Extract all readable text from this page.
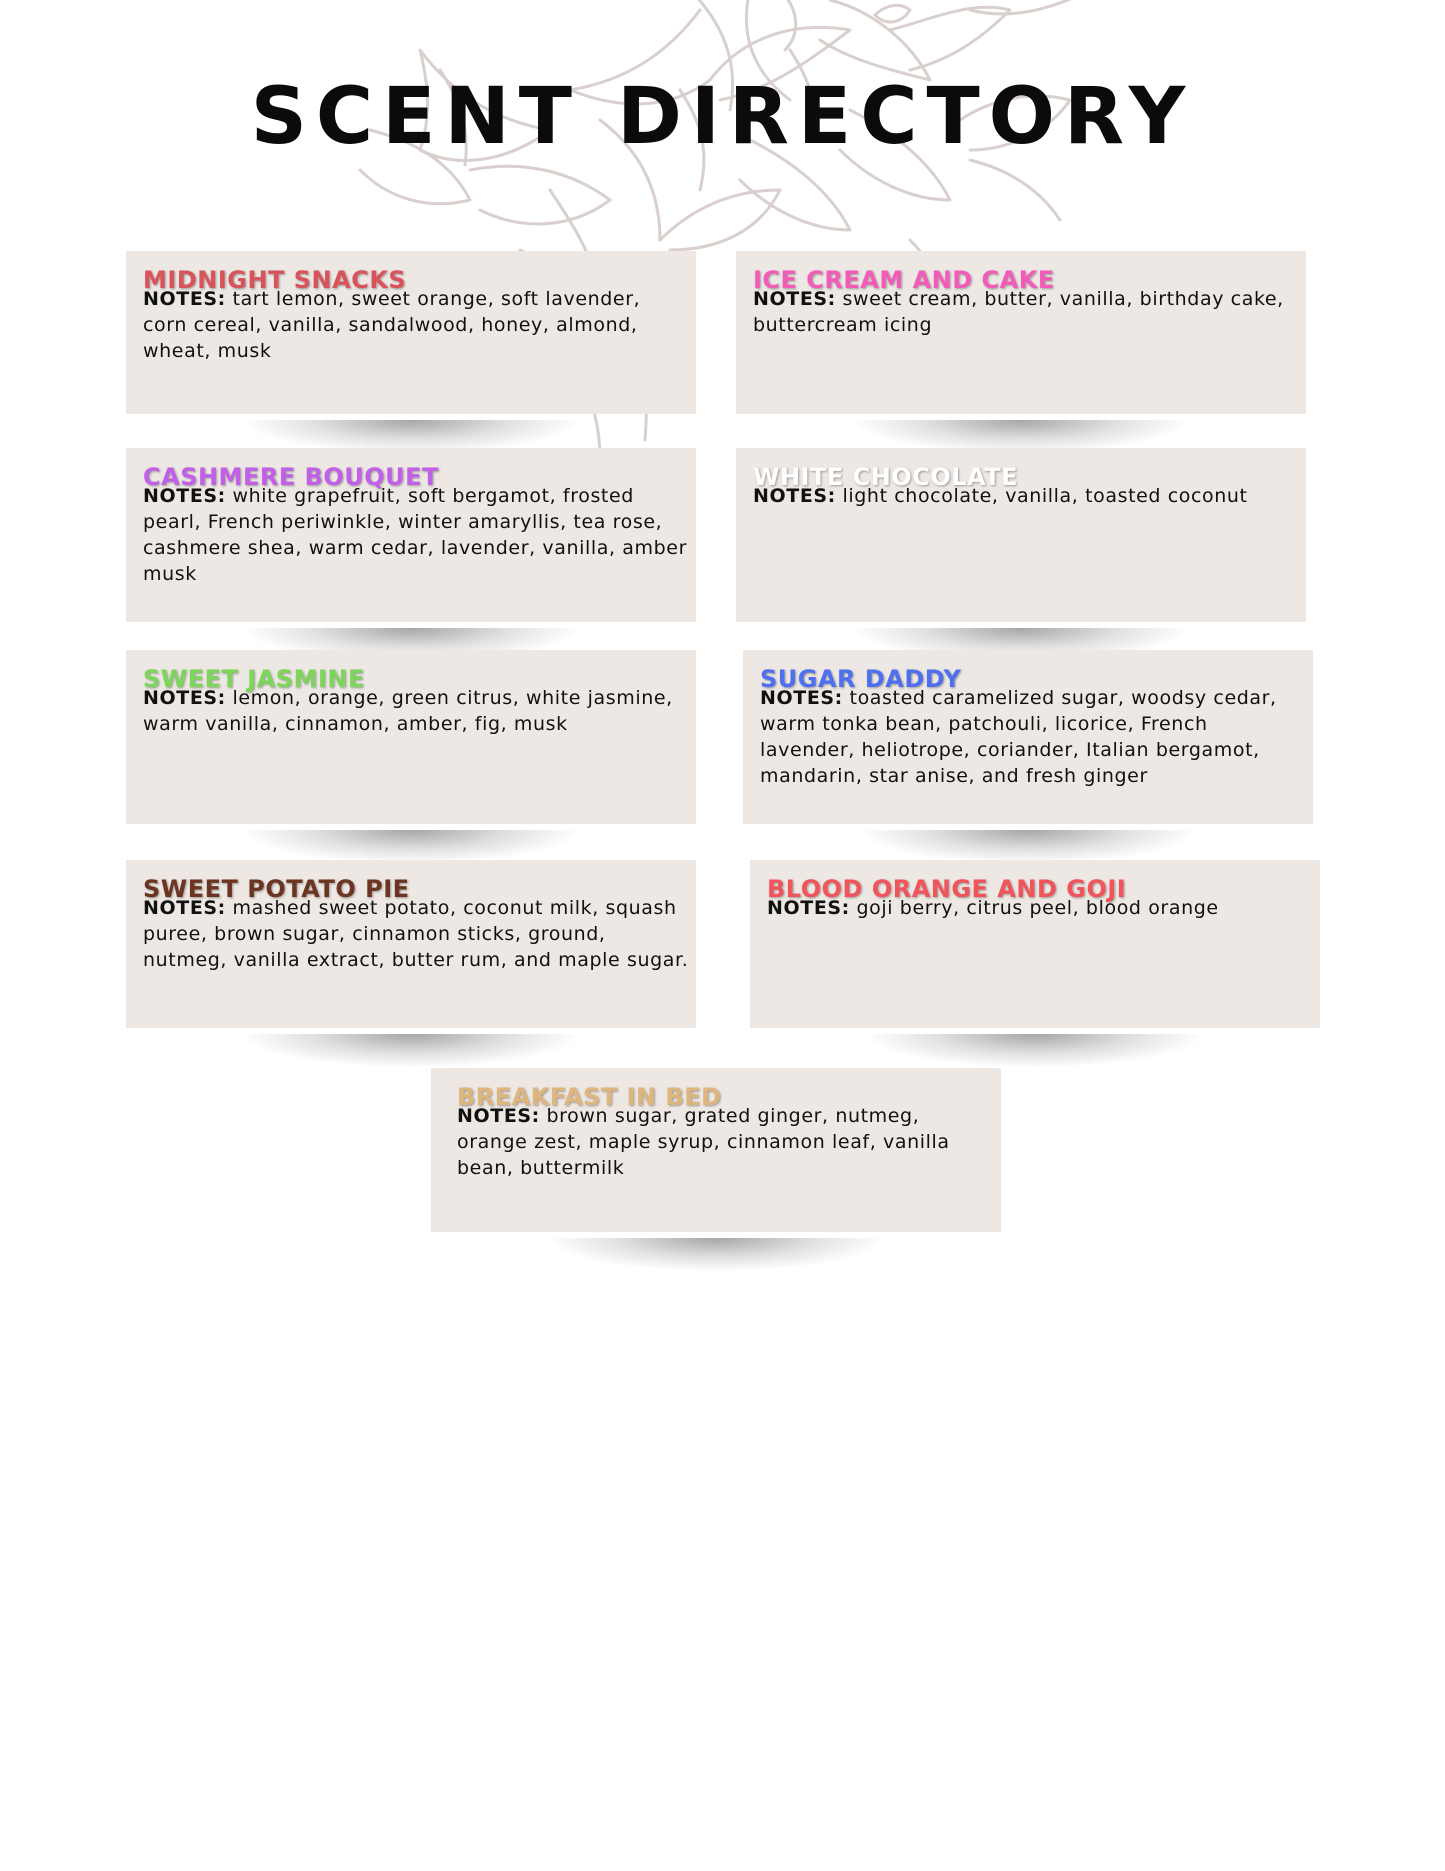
SCENT DIRECTORY
MIDNIGHT SNACKS

NOTES: tart lemon, sweet orange, soft lavender, corn cereal, vanilla, sandalwood, honey, almond, wheat, musk

ICE CREAM AND CAKE

NOTES: sweet cream, butter, vanilla, birthday cake, buttercream icing

CASHMERE BOUQUET

NOTES: white grapefruit, soft bergamot, frosted pearl, French periwinkle, winter amaryllis, tea rose, cashmere shea, warm cedar, lavender, vanilla, amber musk

WHITE CHOCOLATE

NOTES: light chocolate, vanilla, toasted coconut

SWEET JASMINE

NOTES: lemon, orange, green citrus, white jasmine, warm vanilla, cinnamon, amber, fig, musk

SUGAR DADDY

NOTES: toasted caramelized sugar, woodsy cedar, warm tonka bean, patchouli, licorice, French lavender, heliotrope, coriander, Italian bergamot, mandarin, star anise, and fresh ginger

SWEET POTATO PIE

NOTES: mashed sweet potato, coconut milk, squash puree, brown sugar, cinnamon sticks, ground, nutmeg, vanilla extract, butter rum, and maple sugar.

BLOOD ORANGE AND GOJI

NOTES: goji berry, citrus peel, blood orange

BREAKFAST IN BED

NOTES: brown sugar, grated ginger, nutmeg, orange zest, maple syrup, cinnamon leaf, vanilla bean, buttermilk
